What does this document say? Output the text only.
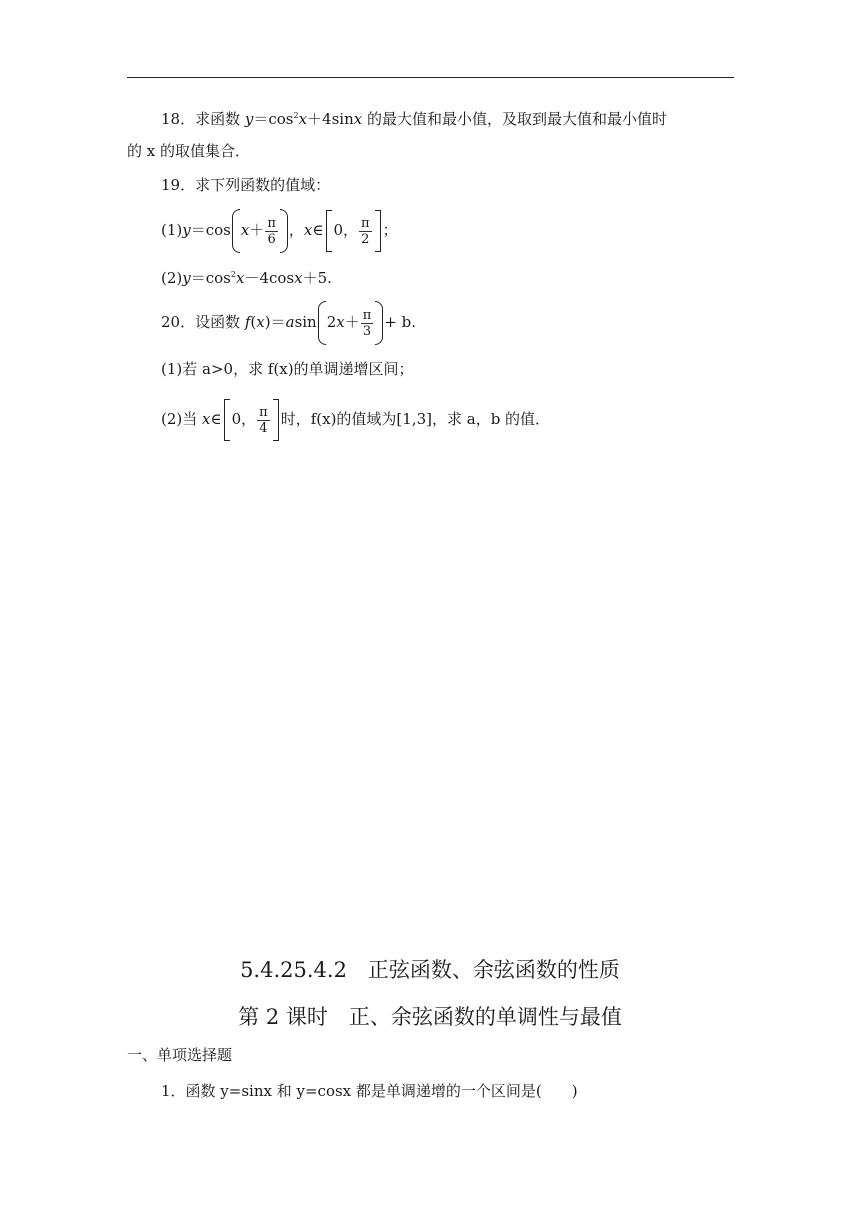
18．求函数 $y=\cos^2x+4\sin x$ 的最大值和最小值，及取到最大值和最小值时
的 x 的取值集合．
19．求下列函数的值域：
(1)y＝cos $x+ \frac{\pi}{6}$ ，x∈ 0， $\frac{\pi}{2}$ ；
$(2)y=\cos^2x-4\cos x+5$.
20．设函数 f(x)＝asin $2x+ \frac{\pi}{3} + b$.
(1)若 a>0，求 f(x)的单调递增区间；
(2)当 x∈ 0， $\frac{\pi}{4}$ 时，f(x)的值域为[1,3]，求 a，b 的值．
5.4.25.4.2　正弦函数、余弦函数的性质
第 2 课时　正、余弦函数的单调性与最值
一、单项选择题
1．函数 y=sinx 和 y=cosx 都是单调递增的一个区间是(　　)
